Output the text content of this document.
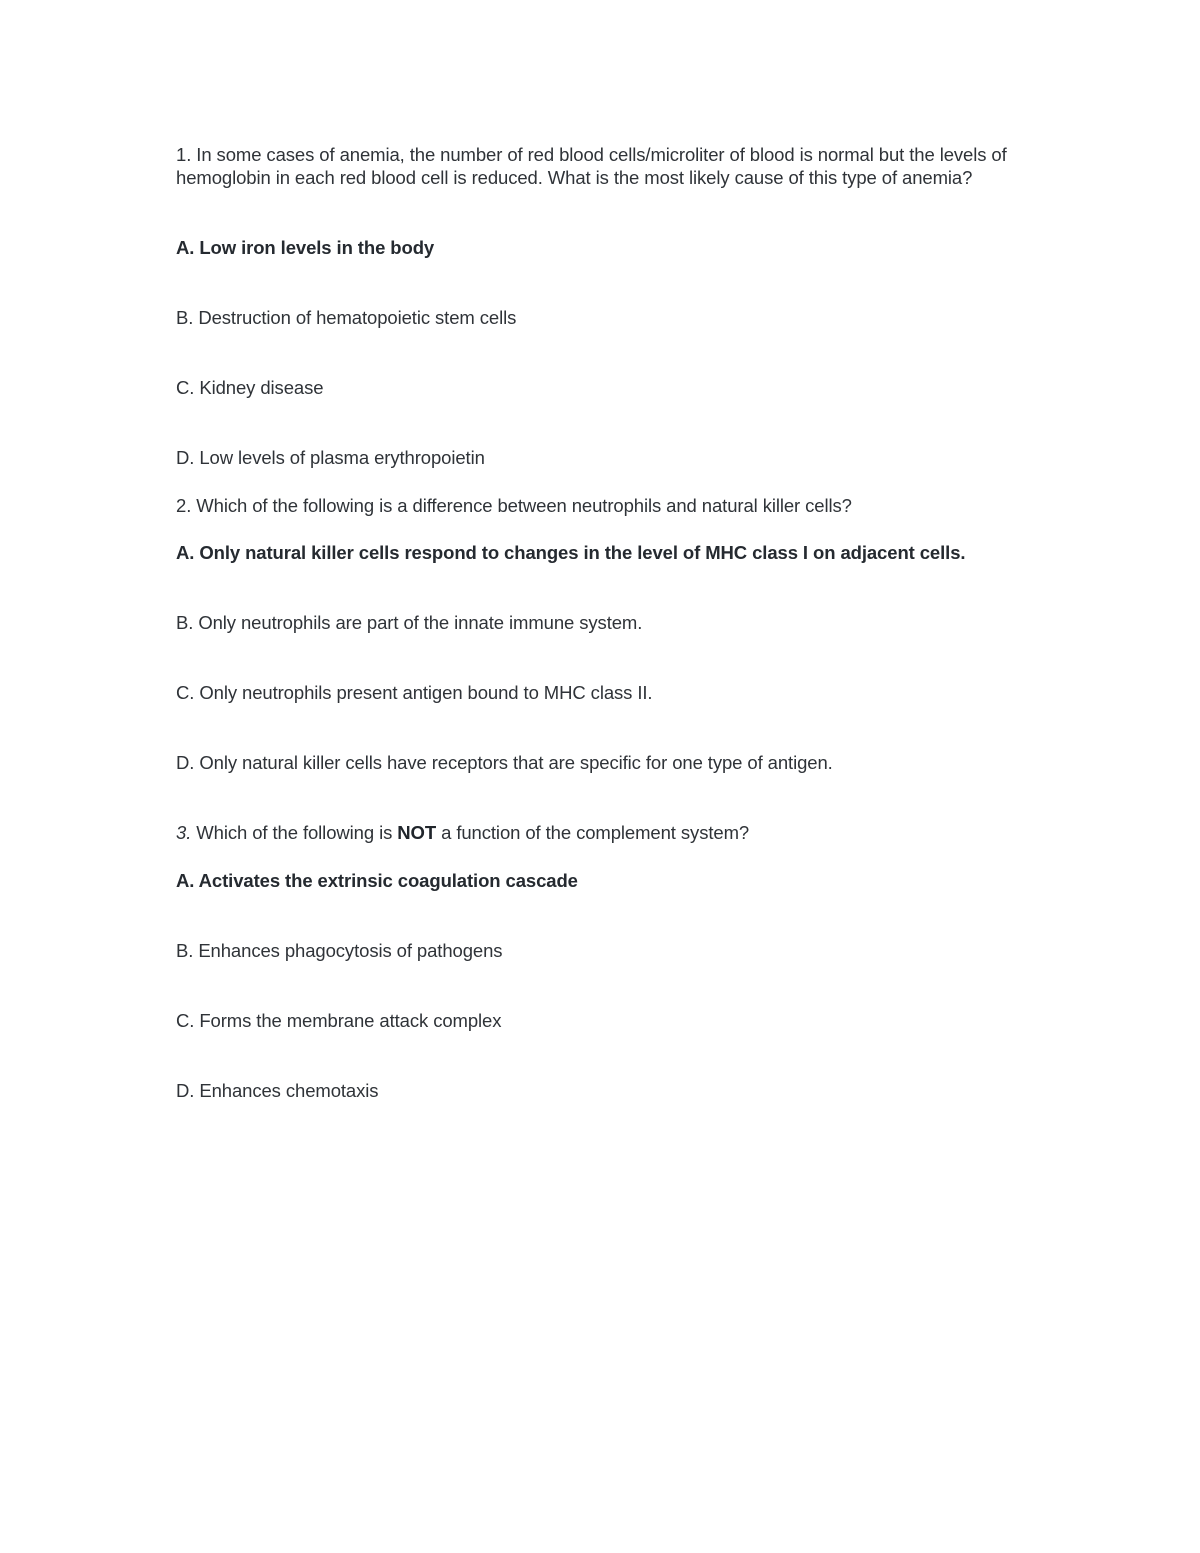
1. In some cases of anemia, the number of red blood cells/microliter of blood is normal but the levels of hemoglobin in each red blood cell is reduced. What is the most likely cause of this type of anemia?

A. Low iron levels in the body

B. Destruction of hematopoietic stem cells

C. Kidney disease

D. Low levels of plasma erythropoietin

2. Which of the following is a difference between neutrophils and natural killer cells?

A. Only natural killer cells respond to changes in the level of MHC class I on adjacent cells.

B. Only neutrophils are part of the innate immune system.

C. Only neutrophils present antigen bound to MHC class II.

D. Only natural killer cells have receptors that are specific for one type of antigen.

3. Which of the following is NOT a function of the complement system?

A. Activates the extrinsic coagulation cascade

B. Enhances phagocytosis of pathogens

C. Forms the membrane attack complex

D. Enhances chemotaxis
